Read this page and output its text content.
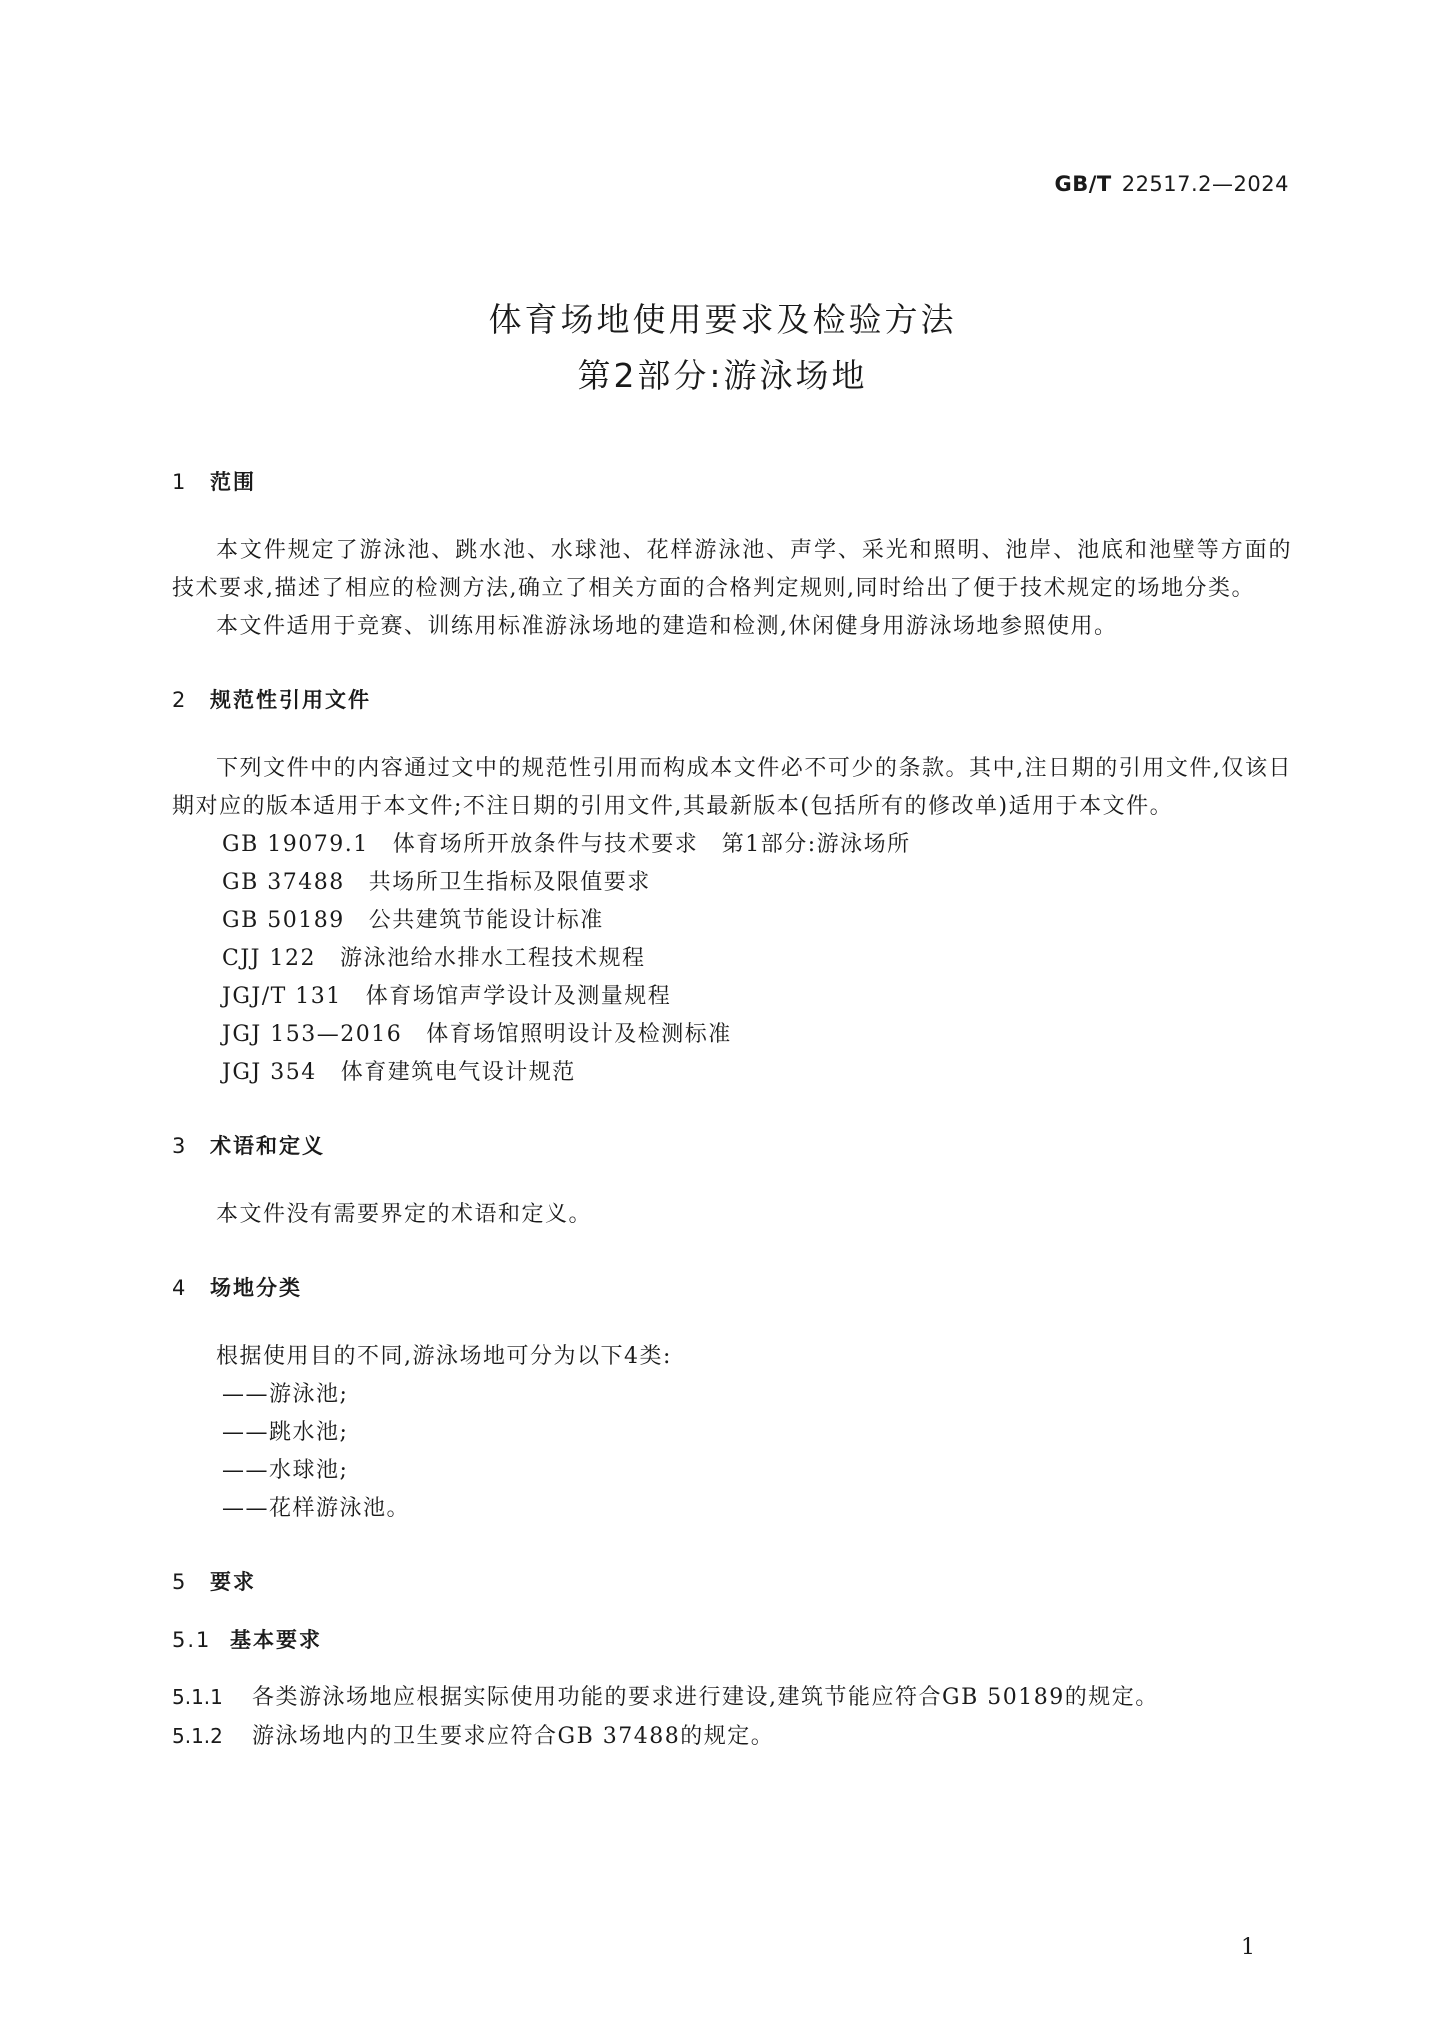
GB/T 22517.2—2024
体育场地使用要求及检验方法
第2部分:游泳场地
1 范围

本文件规定了游泳池、跳水池、水球池、花样游泳池、声学、采光和照明、池岸、池底和池壁等方面的技术要求,描述了相应的检测方法,确立了相关方面的合格判定规则,同时给出了便于技术规定的场地分类。

本文件适用于竞赛、训练用标准游泳场地的建造和检测,休闲健身用游泳场地参照使用。

2 规范性引用文件

下列文件中的内容通过文中的规范性引用而构成本文件必不可少的条款。其中,注日期的引用文件,仅该日期对应的版本适用于本文件;不注日期的引用文件,其最新版本(包括所有的修改单)适用于本文件。

GB 19079.1 体育场所开放条件与技术要求　第1部分:游泳场所

GB 37488 共场所卫生指标及限值要求

GB 50189 公共建筑节能设计标准

CJJ 122 游泳池给水排水工程技术规程

JGJ/T 131 体育场馆声学设计及测量规程

JGJ 153—2016 体育场馆照明设计及检测标准

JGJ 354 体育建筑电气设计规范

3 术语和定义

本文件没有需要界定的术语和定义。

4 场地分类

根据使用目的不同,游泳场地可分为以下4类:

——游泳池;

——跳水池;

——水球池;

——花样游泳池。

5 要求
5.1 基本要求

5.1.1 各类游泳场地应根据实际使用功能的要求进行建设,建筑节能应符合GB 50189的规定。

5.1.2 游泳场地内的卫生要求应符合GB 37488的规定。

1
